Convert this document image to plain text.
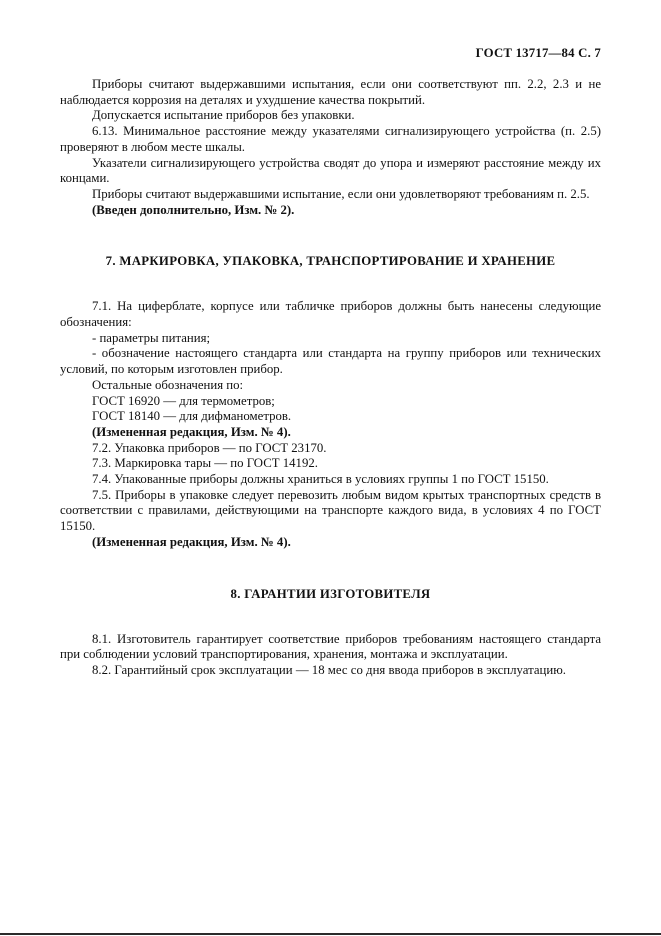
ГОСТ 13717—84 С. 7

Приборы считают выдержавшими испытания, если они соответствуют пп. 2.2, 2.3 и не наблюдается коррозия на деталях и ухудшение качества покрытий.

Допускается испытание приборов без упаковки.

6.13. Минимальное расстояние между указателями сигнализирующего устройства (п. 2.5) проверяют в любом месте шкалы.

Указатели сигнализирующего устройства сводят до упора и измеряют расстояние между их концами.

Приборы считают выдержавшими испытание, если они удовлетворяют требованиям п. 2.5.

(Введен дополнительно, Изм. № 2).

7. МАРКИРОВКА, УПАКОВКА, ТРАНСПОРТИРОВАНИЕ И ХРАНЕНИЕ

7.1. На циферблате, корпусе или табличке приборов должны быть нанесены следующие обозначения:

- параметры питания;

- обозначение настоящего стандарта или стандарта на группу приборов или технических условий, по которым изготовлен прибор.

Остальные обозначения по:

ГОСТ 16920 — для термометров;

ГОСТ 18140 — для дифманометров.

(Измененная редакция, Изм. № 4).

7.2. Упаковка приборов — по ГОСТ 23170.

7.3. Маркировка тары — по ГОСТ 14192.

7.4. Упакованные приборы должны храниться в условиях группы 1 по ГОСТ 15150.

7.5. Приборы в упаковке следует перевозить любым видом крытых транспортных средств в соответствии с правилами, действующими на транспорте каждого вида, в условиях 4 по ГОСТ 15150.

(Измененная редакция, Изм. № 4).

8. ГАРАНТИИ ИЗГОТОВИТЕЛЯ

8.1. Изготовитель гарантирует соответствие приборов требованиям настоящего стандарта при соблюдении условий транспортирования, хранения, монтажа и эксплуатации.

8.2. Гарантийный срок эксплуатации — 18 мес со дня ввода приборов в эксплуатацию.
